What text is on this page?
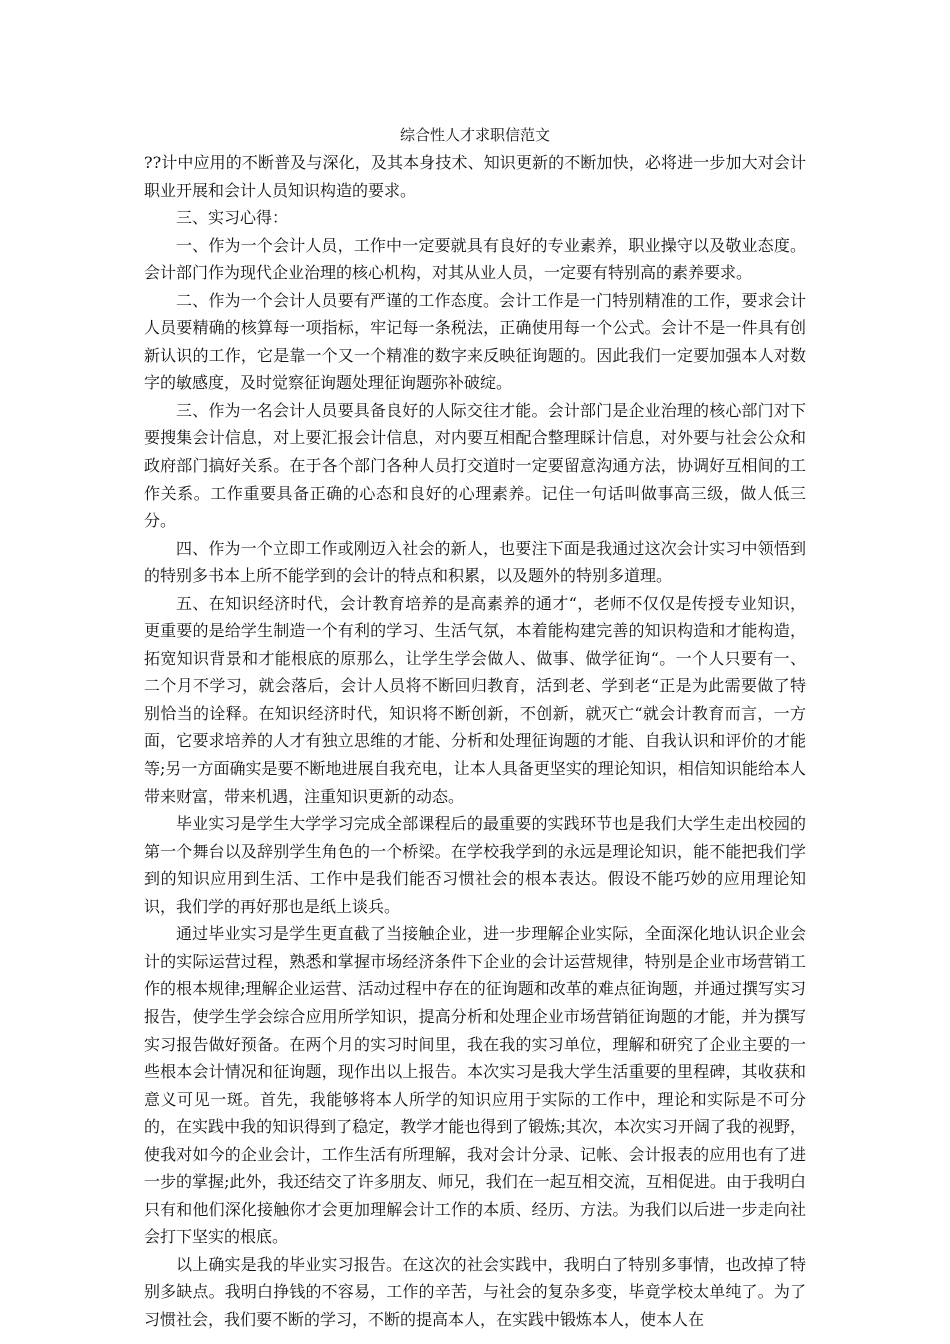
综合性人才求职信范文

??计中应用的不断普及与深化，及其本身技术、知识更新的不断加快，必将进一步加大对会计职业开展和会计人员知识构造的要求。

三、实习心得：

一、作为一个会计人员，工作中一定要就具有良好的专业素养，职业操守以及敬业态度。会计部门作为现代企业治理的核心机构，对其从业人员，一定要有特别高的素养要求。

二、作为一个会计人员要有严谨的工作态度。会计工作是一门特别精准的工作，要求会计人员要精确的核算每一项指标，牢记每一条税法，正确使用每一个公式。会计不是一件具有创新认识的工作，它是靠一个又一个精准的数字来反映征询题的。因此我们一定要加强本人对数字的敏感度，及时觉察征询题处理征询题弥补破绽。

三、作为一名会计人员要具备良好的人际交往才能。会计部门是企业治理的核心部门对下要搜集会计信息，对上要汇报会计信息，对内要互相配合整理睬计信息，对外要与社会公众和政府部门搞好关系。在于各个部门各种人员打交道时一定要留意沟通方法，协调好互相间的工作关系。工作重要具备正确的心态和良好的心理素养。记住一句话叫做事高三级，做人低三分。

四、作为一个立即工作或刚迈入社会的新人，也要注下面是我通过这次会计实习中领悟到的特别多书本上所不能学到的会计的特点和积累，以及题外的特别多道理。

五、在知识经济时代，会计教育培养的是高素养的通才“，老师不仅仅是传授专业知识，更重要的是给学生制造一个有利的学习、生活气氛，本着能构建完善的知识构造和才能构造，拓宽知识背景和才能根底的原那么，让学生学会做人、做事、做学征询“。一个人只要有一、二个月不学习，就会落后，会计人员将不断回归教育，活到老、学到老“正是为此需要做了特别恰当的诠释。在知识经济时代，知识将不断创新，不创新，就灭亡“就会计教育而言，一方面，它要求培养的人才有独立思维的才能、分析和处理征询题的才能、自我认识和评价的才能等;另一方面确实是要不断地进展自我充电，让本人具备更坚实的理论知识，相信知识能给本人带来财富，带来机遇，注重知识更新的动态。

毕业实习是学生大学学习完成全部课程后的最重要的实践环节也是我们大学生走出校园的第一个舞台以及辞别学生角色的一个桥梁。在学校我学到的永远是理论知识，能不能把我们学到的知识应用到生活、工作中是我们能否习惯社会的根本表达。假设不能巧妙的应用理论知识，我们学的再好那也是纸上谈兵。

通过毕业实习是学生更直截了当接触企业，进一步理解企业实际，全面深化地认识企业会计的实际运营过程，熟悉和掌握市场经济条件下企业的会计运营规律，特别是企业市场营销工作的根本规律;理解企业运营、活动过程中存在的征询题和改革的难点征询题，并通过撰写实习报告，使学生学会综合应用所学知识，提高分析和处理企业市场营销征询题的才能，并为撰写实习报告做好预备。在两个月的实习时间里，我在我的实习单位，理解和研究了企业主要的一些根本会计情况和征询题，现作出以上报告。本次实习是我大学生活重要的里程碑，其收获和意义可见一斑。首先，我能够将本人所学的知识应用于实际的工作中，理论和实际是不可分的，在实践中我的知识得到了稳定，教学才能也得到了锻炼;其次，本次实习开阔了我的视野，使我对如今的企业会计，工作生活有所理解，我对会计分录、记帐、会计报表的应用也有了进一步的掌握;此外，我还结交了许多朋友、师兄，我们在一起互相交流，互相促进。由于我明白只有和他们深化接触你才会更加理解会计工作的本质、经历、方法。为我们以后进一步走向社会打下坚实的根底。

以上确实是我的毕业实习报告。在这次的社会实践中，我明白了特别多事情，也改掉了特别多缺点。我明白挣钱的不容易，工作的辛苦，与社会的复杂多变，毕竟学校太单纯了。为了习惯社会，我们要不断的学习，不断的提高本人，在实践中锻炼本人，使本人在
